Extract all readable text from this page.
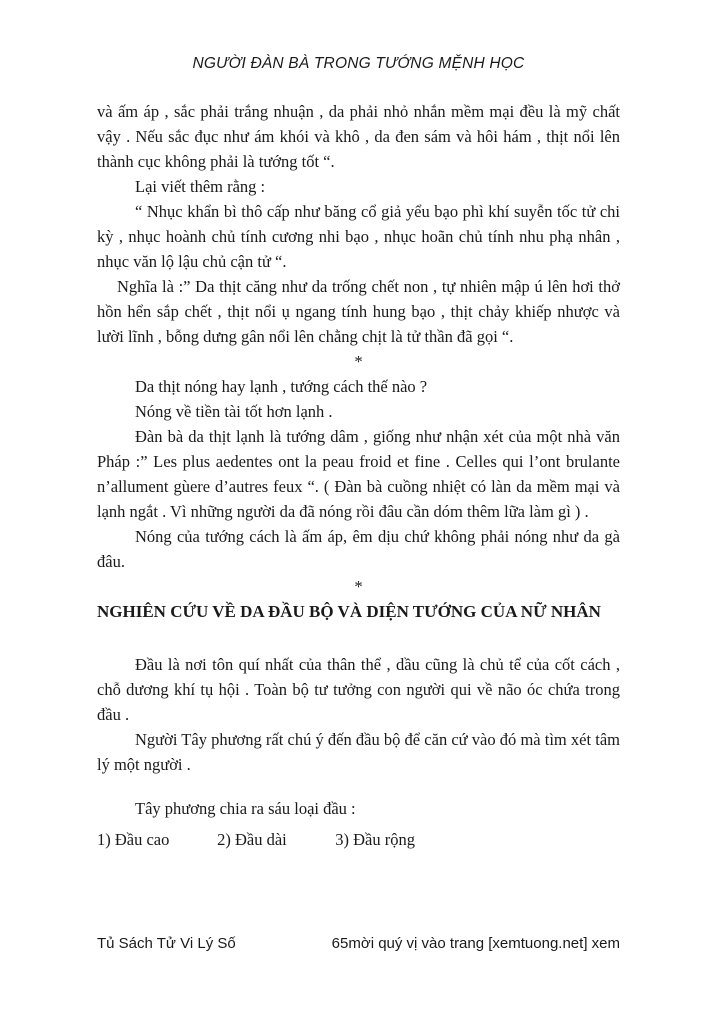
NGƯỜI ĐÀN BÀ TRONG TƯỚNG MỆNH HỌC

và ấm áp , sắc phải trắng nhuận , da phải nhỏ nhắn mềm mại đều là mỹ chất vậy . Nếu sắc đục như ám khói và khô , da đen sám và hôi hám , thịt nổi lên thành cục không phải là tướng tốt “.

Lại viết thêm rằng :

“ Nhục khẩn bì thô cấp như băng cổ giả yểu bạo phì khí suyễn tốc tử chi kỳ , nhục hoành chủ tính cương nhi bạo , nhục hoãn chủ tính nhu phạ nhân , nhục văn lộ lậu chủ cận tử “.

Nghĩa là :” Da thịt căng như da trống chết non , tự nhiên mập ú lên hơi thở hồn hển sắp chết , thịt nổi ụ ngang tính hung bạo , thịt chảy khiếp nhược và lười lĩnh , bỗng dưng gân nổi lên chằng chịt là tử thần đã gọi “.

*

Da thịt nóng hay lạnh , tướng cách thế nào ?

Nóng về tiền tài tốt hơn lạnh .

Đàn bà da thịt lạnh là tướng dâm , giống như nhận xét của một nhà văn Pháp :” Les plus aedentes ont la peau froid et fine . Celles qui l’ont brulante n’allument gùere d’autres feux “. ( Đàn bà cuồng nhiệt có làn da mềm mại và lạnh ngắt . Vì những người da đã nóng rồi đâu cần dóm thêm lữa làm gì ) .

Nóng của tướng cách là ấm áp, êm dịu chứ không phải nóng như da gà đâu.

*

NGHIÊN CỨU VỀ DA ĐẦU BỘ VÀ DIỆN TƯỚNG CỦA NỮ NHÂN

Đầu là nơi tôn quí nhất của thân thể , dầu cũng là chủ tể của cốt cách , chỗ dương khí tụ hội . Toàn bộ tư tưởng con người qui về não óc chứa trong đầu .

Người Tây phương rất chú ý đến đầu bộ để căn cứ vào đó mà tìm xét tâm lý một người .

Tây phương chia ra sáu loại đầu :

1) Đầu cao	2) Đầu dài	3) Đầu rộng

Tủ Sách Tử Vi Lý Số	65 mời quý vị vào trang [xemtuong.net] xem
